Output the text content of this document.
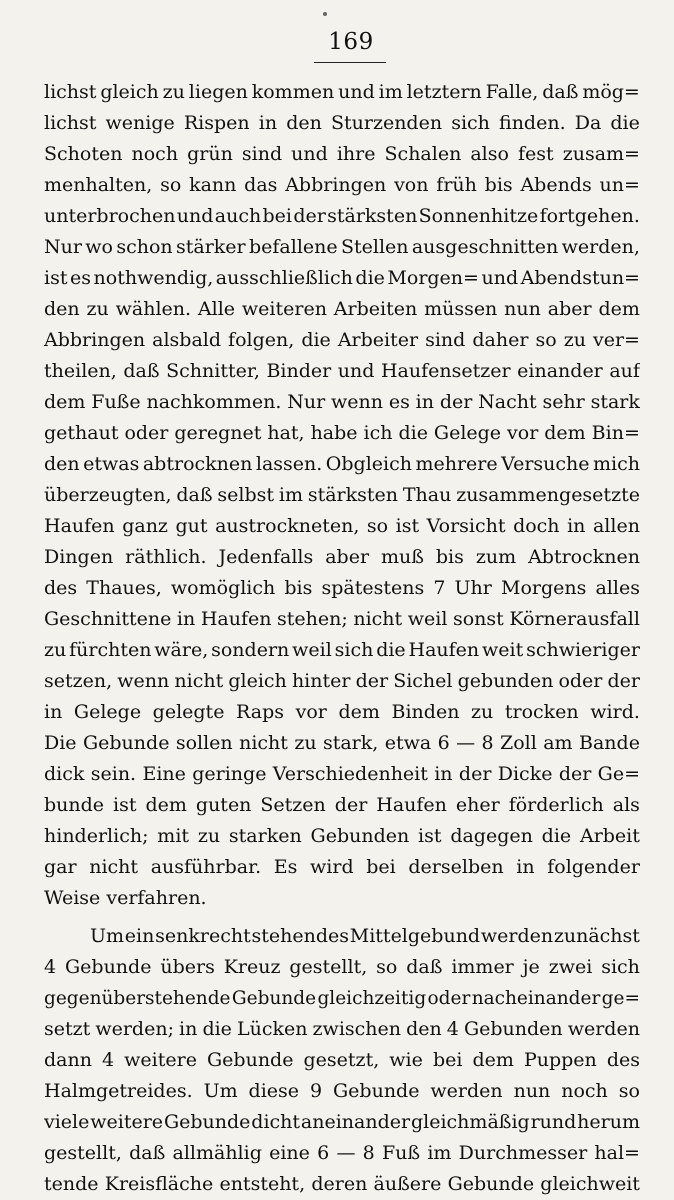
169
lichst gleich zu liegen kommen und im letztern Falle, daß mög=
lichst wenige Rispen in den Sturzenden sich finden. Da die
Schoten noch grün sind und ihre Schalen also fest zusam=
menhalten, so kann das Abbringen von früh bis Abends un=
unterbrochen und auch bei der stärksten Sonnenhitze fortgehen.
Nur wo schon stärker befallene Stellen ausgeschnitten werden,
ist es nothwendig, ausschließlich die Morgen= und Abendstun=
den zu wählen. Alle weiteren Arbeiten müssen nun aber dem
Abbringen alsbald folgen, die Arbeiter sind daher so zu ver=
theilen, daß Schnitter, Binder und Haufensetzer einander auf
dem Fuße nachkommen. Nur wenn es in der Nacht sehr stark
gethaut oder geregnet hat, habe ich die Gelege vor dem Bin=
den etwas abtrocknen lassen. Obgleich mehrere Versuche mich
überzeugten, daß selbst im stärksten Thau zusammengesetzte
Haufen ganz gut austrockneten, so ist Vorsicht doch in allen
Dingen räthlich. Jedenfalls aber muß bis zum Abtrocknen
des Thaues, womöglich bis spätestens 7 Uhr Morgens alles
Geschnittene in Haufen stehen; nicht weil sonst Körnerausfall
zu fürchten wäre, sondern weil sich die Haufen weit schwieriger
setzen, wenn nicht gleich hinter der Sichel gebunden oder der
in Gelege gelegte Raps vor dem Binden zu trocken wird.
Die Gebunde sollen nicht zu stark, etwa 6 — 8 Zoll am Bande
dick sein. Eine geringe Verschiedenheit in der Dicke der Ge=
bunde ist dem guten Setzen der Haufen eher förderlich als
hinderlich; mit zu starken Gebunden ist dagegen die Arbeit
gar nicht ausführbar. Es wird bei derselben in folgender
Weise verfahren.
Um ein senkrecht stehendes Mittelgebund werden zunächst
4 Gebunde übers Kreuz gestellt, so daß immer je zwei sich
gegenüberstehende Gebunde gleichzeitig oder nacheinander ge=
setzt werden; in die Lücken zwischen den 4 Gebunden werden
dann 4 weitere Gebunde gesetzt, wie bei dem Puppen des
Halmgetreides. Um diese 9 Gebunde werden nun noch so
viele weitere Gebunde dicht aneinander gleichmäßig rund herum
gestellt, daß allmählig eine 6 — 8 Fuß im Durchmesser hal=
tende Kreisfläche entsteht, deren äußere Gebunde gleichweit
